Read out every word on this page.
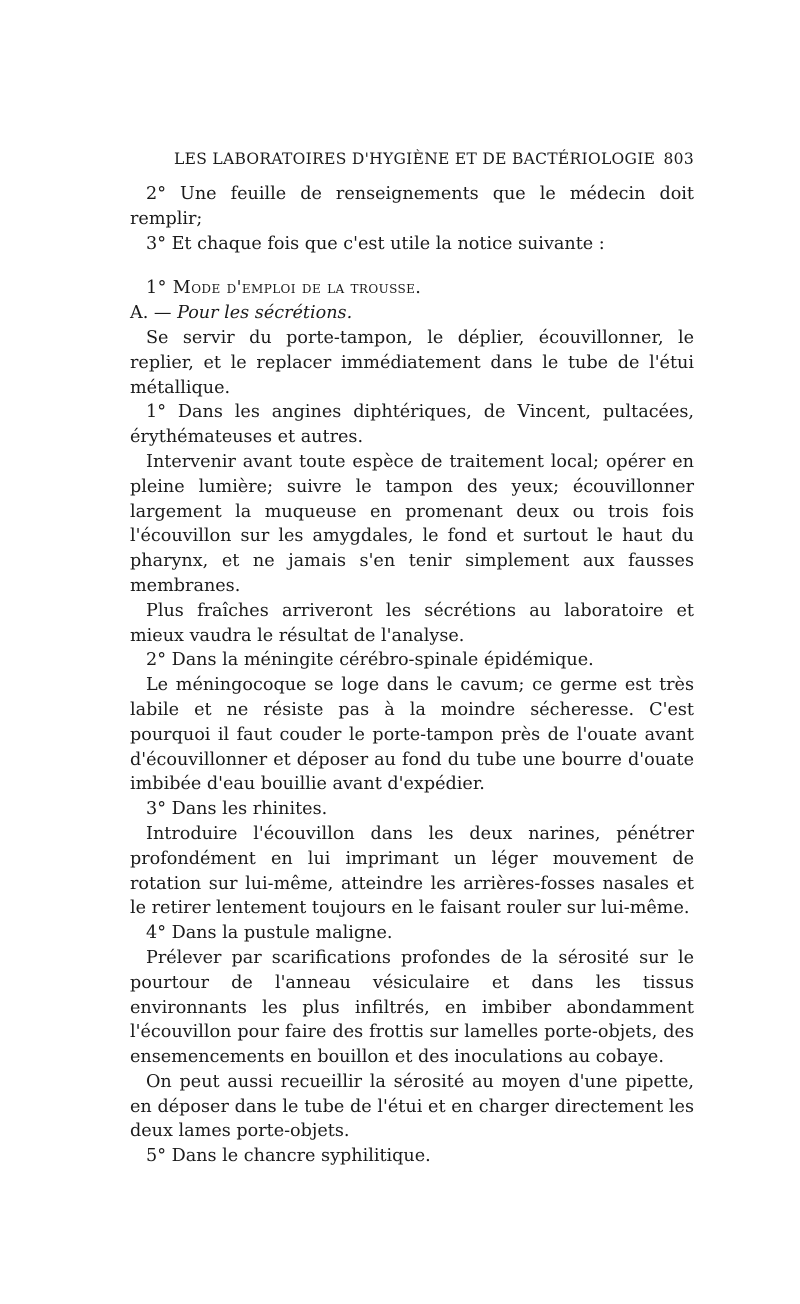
LES LABORATOIRES D'HYGIÈNE ET DE BACTÉRIOLOGIE 803

2° Une feuille de renseignements que le médecin doit remplir;

3° Et chaque fois que c'est utile la notice suivante :

1° Mode d'emploi de la trousse.

A. — Pour les sécrétions.

Se servir du porte-tampon, le déplier, écouvillonner, le replier, et le replacer immédiatement dans le tube de l'étui métallique.

1° Dans les angines diphtériques, de Vincent, pultacées, érythémateuses et autres.

Intervenir avant toute espèce de traitement local; opérer en pleine lumière; suivre le tampon des yeux; écouvillonner largement la muqueuse en promenant deux ou trois fois l'écouvillon sur les amygdales, le fond et surtout le haut du pharynx, et ne jamais s'en tenir simplement aux fausses membranes.

Plus fraîches arriveront les sécrétions au laboratoire et mieux vaudra le résultat de l'analyse.

2° Dans la méningite cérébro-spinale épidémique.

Le méningocoque se loge dans le cavum; ce germe est très labile et ne résiste pas à la moindre sécheresse. C'est pourquoi il faut couder le porte-tampon près de l'ouate avant d'écouvillonner et déposer au fond du tube une bourre d'ouate imbibée d'eau bouillie avant d'expédier.

3° Dans les rhinites.

Introduire l'écouvillon dans les deux narines, pénétrer profondément en lui imprimant un léger mouvement de rotation sur lui-même, atteindre les arrières-fosses nasales et le retirer lentement toujours en le faisant rouler sur lui-même.

4° Dans la pustule maligne.

Prélever par scarifications profondes de la sérosité sur le pourtour de l'anneau vésiculaire et dans les tissus environnants les plus infiltrés, en imbiber abondamment l'écouvillon pour faire des frottis sur lamelles porte-objets, des ensemencements en bouillon et des inoculations au cobaye.

On peut aussi recueillir la sérosité au moyen d'une pipette, en déposer dans le tube de l'étui et en charger directement les deux lames porte-objets.

5° Dans le chancre syphilitique.
